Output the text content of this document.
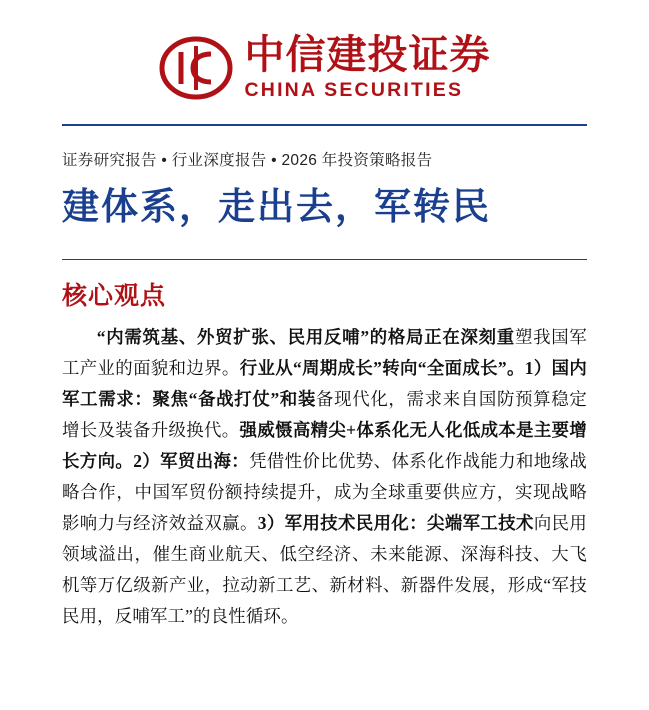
中信建投证券
CHINA SECURITIES
证券研究报告 • 行业深度报告 • 2026 年投资策略报告
建体系，走出去，军转民
核心观点
“内需筑基、外贸扩张、民用反哺”的格局正在深刻重塑我国军工产业的面貌和边界。行业从“周期成长”转向“全面成长”。1）国内军工需求：聚焦“备战打仗”和装备现代化，需求来自国防预算稳定增长及装备升级换代。强威慑高精尖+体系化无人化低成本是主要增长方向。2）军贸出海：凭借性价比优势、体系化作战能力和地缘战略合作，中国军贸份额持续提升，成为全球重要供应方，实现战略影响力与经济效益双赢。3）军用技术民用化：尖端军工技术向民用领域溢出，催生商业航天、低空经济、未来能源、深海科技、大飞机等万亿级新产业，拉动新工艺、新材料、新器件发展，形成“军技民用，反哺军工”的良性循环。
